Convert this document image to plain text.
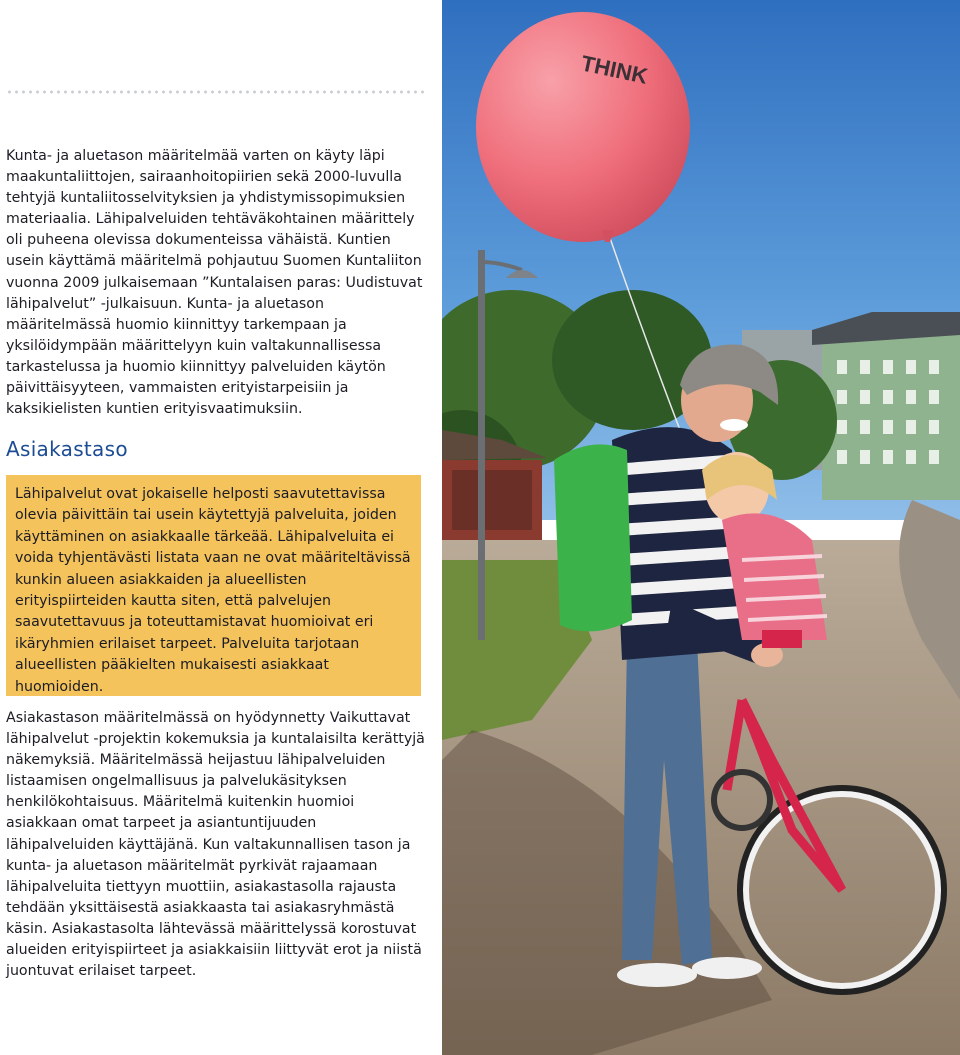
Kunta- ja aluetason määritelmää varten on käyty läpi maakuntaliittojen, sairaanhoitopiirien sekä 2000-luvulla tehtyjä kuntaliitosselvityksien ja yhdistymissopimuksien materiaalia. Lähipalveluiden tehtäväkohtainen määrittely oli puheena olevissa dokumenteissa vähäistä. Kuntien usein käyttämä määritelmä pohjautuu Suomen Kuntaliiton vuonna 2009 julkaisemaan ”Kuntalaisen paras: Uudistuvat lähipalvelut” -julkaisuun. Kunta- ja aluetason määritelmässä huomio kiinnittyy tarkempaan ja yksilöidympään määrittelyyn kuin valtakunnallisessa tarkastelussa ja huomio kiinnittyy palveluiden käytön päivittäisyyteen, vammaisten erityistarpeisiin ja kaksikielisten kuntien erityisvaatimuksiin.

Asiakastaso

Lähipalvelut ovat jokaiselle helposti saavutettavissa olevia päivittäin tai usein käytettyjä palveluita, joiden käyttäminen on asiakkaalle tärkeää. Lähipalveluita ei voida tyhjentävästi listata vaan ne ovat määriteltävissä kunkin alueen asiakkaiden ja alueellisten erityispiirteiden kautta siten, että palvelujen saavutettavuus ja toteuttamistavat huomioivat eri ikäryhmien erilaiset tarpeet. Palveluita tarjotaan alueellisten pääkielten mukaisesti asiakkaat huomioiden.

Asiakastason määritelmässä on hyödynnetty Vaikuttavat lähipalvelut -projektin kokemuksia ja kuntalaisilta kerättyjä näkemyksiä. Määritelmässä heijastuu lähipalveluiden listaamisen ongelmallisuus ja palvelukäsityksen henkilökohtaisuus. Määritelmä kuitenkin huomioi asiakkaan omat tarpeet ja asiantuntijuuden lähipalveluiden käyttäjänä. Kun valtakunnallisen tason ja kunta- ja aluetason määritelmät pyrkivät rajaamaan lähipalveluita tiettyyn muottiin, asiakastasolla rajausta tehdään yksittäisestä asiakkaasta tai asiakasryhmästä käsin. Asiakastasolta lähtevässä määrittelyssä korostuvat alueiden erityispiirteet ja asiakkaisiin liittyvät erot ja niistä juontuvat erilaiset tarpeet.

THINK
